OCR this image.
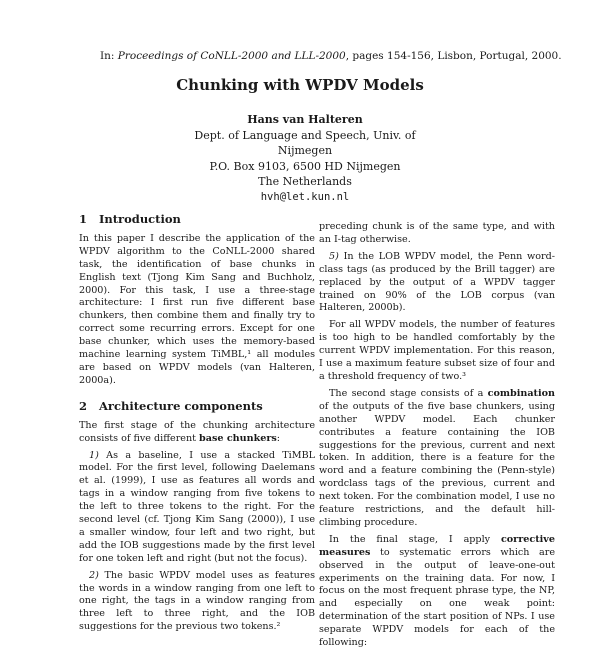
In: Proceedings of CoNLL-2000 and LLL-2000, pages 154-156, Lisbon, Portugal, 2000.
Chunking with WPDV Models
Hans van Halteren
Dept. of Language and Speech, Univ. of Nijmegen
P.O. Box 9103, 6500 HD Nijmegen
The Netherlands
hvh@let.kun.nl
1 Introduction

In this paper I describe the application of the WPDV algorithm to the CoNLL-2000 shared task, the identification of base chunks in English text (Tjong Kim Sang and Buchholz, 2000). For this task, I use a three-stage architecture: I first run five different base chunkers, then combine them and finally try to correct some recurring errors. Except for one base chunker, which uses the memory-based machine learning system TiMBL,¹ all modules are based on WPDV models (van Halteren, 2000a).

2 Architecture components

The first stage of the chunking architecture consists of five different base chunkers:

1) As a baseline, I use a stacked TiMBL model. For the first level, following Daelemans et al. (1999), I use as features all words and tags in a window ranging from five tokens to the left to three tokens to the right. For the second level (cf. Tjong Kim Sang (2000)), I use a smaller window, four left and two right, but add the IOB suggestions made by the first level for one token left and right (but not the focus).

2) The basic WPDV model uses as features the words in a window ranging from one left to one right, the tags in a window ranging from three left to three right, and the IOB suggestions for the previous two tokens.²

preceding chunk is of the same type, and with an I-tag otherwise.

5) In the LOB WPDV model, the Penn word-class tags (as produced by the Brill tagger) are replaced by the output of a WPDV tagger trained on 90% of the LOB corpus (van Halteren, 2000b).

For all WPDV models, the number of features is too high to be handled comfortably by the current WPDV implementation. For this reason, I use a maximum feature subset size of four and a threshold frequency of two.³

The second stage consists of a combination of the outputs of the five base chunkers, using another WPDV model. Each chunker contributes a feature containing the IOB suggestions for the previous, current and next token. In addition, there is a feature for the word and a feature combining the (Penn-style) wordclass tags of the previous, current and next token. For the combination model, I use no feature restrictions, and the default hill-climbing procedure.

In the final stage, I apply corrective measures to systematic errors which are observed in the output of leave-one-out experiments on the training data. For now, I focus on the most frequent phrase type, the NP, and especially on one weak point: determination of the start position of NPs. I use separate WPDV models for each of the following:
